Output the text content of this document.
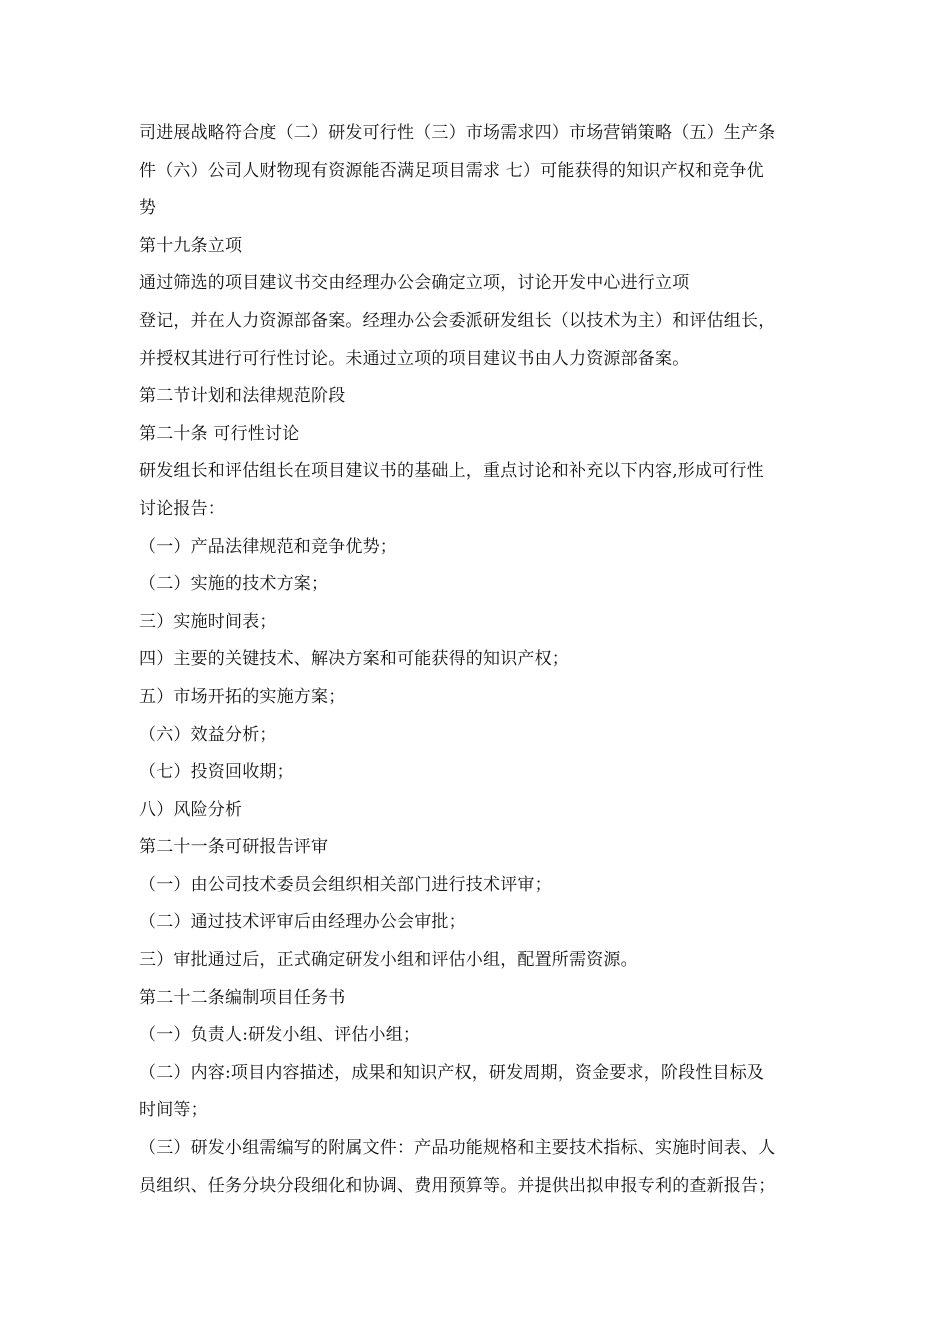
司进展战略符合度（二）研发可行性（三）市场需求四）市场营销策略（五）生产条
件（六）公司人财物现有资源能否满足项目需求 七）可能获得的知识产权和竞争优
势
第十九条立项
通过筛选的项目建议书交由经理办公会确定立项，讨论开发中心进行立项
登记，并在人力资源部备案。经理办公会委派研发组长（以技术为主）和评估组长，
并授权其进行可行性讨论。未通过立项的项目建议书由人力资源部备案。
第二节计划和法律规范阶段
第二十条 可行性讨论
研发组长和评估组长在项目建议书的基础上，重点讨论和补充以下内容,形成可行性
讨论报告：
（一）产品法律规范和竞争优势；
（二）实施的技术方案；
三）实施时间表；
四）主要的关键技术、解决方案和可能获得的知识产权；
五）市场开拓的实施方案；
（六）效益分析；
（七）投资回收期；
八）风险分析
第二十一条可研报告评审
（一）由公司技术委员会组织相关部门进行技术评审；
（二）通过技术评审后由经理办公会审批；
三）审批通过后，正式确定研发小组和评估小组，配置所需资源。
第二十二条编制项目任务书
（一）负责人:研发小组、评估小组；
（二）内容:项目内容描述，成果和知识产权，研发周期，资金要求，阶段性目标及
时间等；
（三）研发小组需编写的附属文件：产品功能规格和主要技术指标、实施时间表、人
员组织、任务分块分段细化和协调、费用预算等。并提供出拟申报专利的查新报告；
